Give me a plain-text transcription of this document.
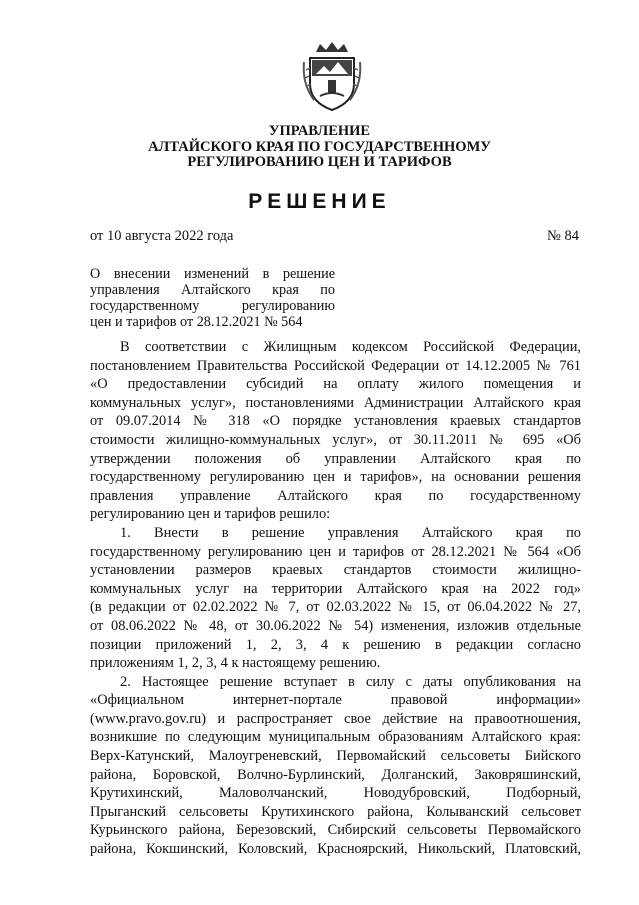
УПРАВЛЕНИЕ
АЛТАЙСКОГО КРАЯ ПО ГОСУДАРСТВЕННОМУ
РЕГУЛИРОВАНИЮ ЦЕН И ТАРИФОВ
РЕШЕНИЕ
от 10 августа 2022 года	№ 84
О внесении изменений в решение
управления Алтайского края по
государственному регулированию
цен и тарифов от 28.12.2021 № 564
В соответствии с Жилищным кодексом Российской Федерации,
постановлением Правительства Российской Федерации от 14.12.2005 № 761
«О предоставлении субсидий на оплату жилого помещения и
коммунальных услуг», постановлениями Администрации Алтайского края
от 09.07.2014 № 318 «О порядке установления краевых стандартов
стоимости жилищно-коммунальных услуг», от 30.11.2011 № 695 «Об
утверждении положения об управлении Алтайского края по
государственному регулированию цен и тарифов», на основании решения
правления управление Алтайского края по государственному
регулированию цен и тарифов решило:
1. Внести в решение управления Алтайского края по
государственному регулированию цен и тарифов от 28.12.2021 № 564 «Об
установлении размеров краевых стандартов стоимости жилищно-
коммунальных услуг на территории Алтайского края на 2022 год»
(в редакции от 02.02.2022 № 7, от 02.03.2022 № 15, от 06.04.2022 № 27,
от 08.06.2022 № 48, от 30.06.2022 № 54) изменения, изложив отдельные
позиции приложений 1, 2, 3, 4 к решению в редакции согласно
приложениям 1, 2, 3, 4 к настоящему решению.
2. Настоящее решение вступает в силу с даты опубликования на
«Официальном интернет-портале правовой информации»
(www.pravo.gov.ru) и распространяет свое действие на правоотношения,
возникшие по следующим муниципальным образованиям Алтайского края:
Верх-Катунский, Малоугреневский, Первомайский сельсоветы Бийского
района, Боровской, Волчно-Бурлинский, Долганский, Заковряшинский,
Крутихинский, Маловолчанский, Новодубровский, Подборный,
Прыганский сельсоветы Крутихинского района, Колыванский сельсовет
Курьинского района, Березовский, Сибирский сельсоветы Первомайского
района, Кокшинский, Коловский, Красноярский, Никольский, Платовский,
